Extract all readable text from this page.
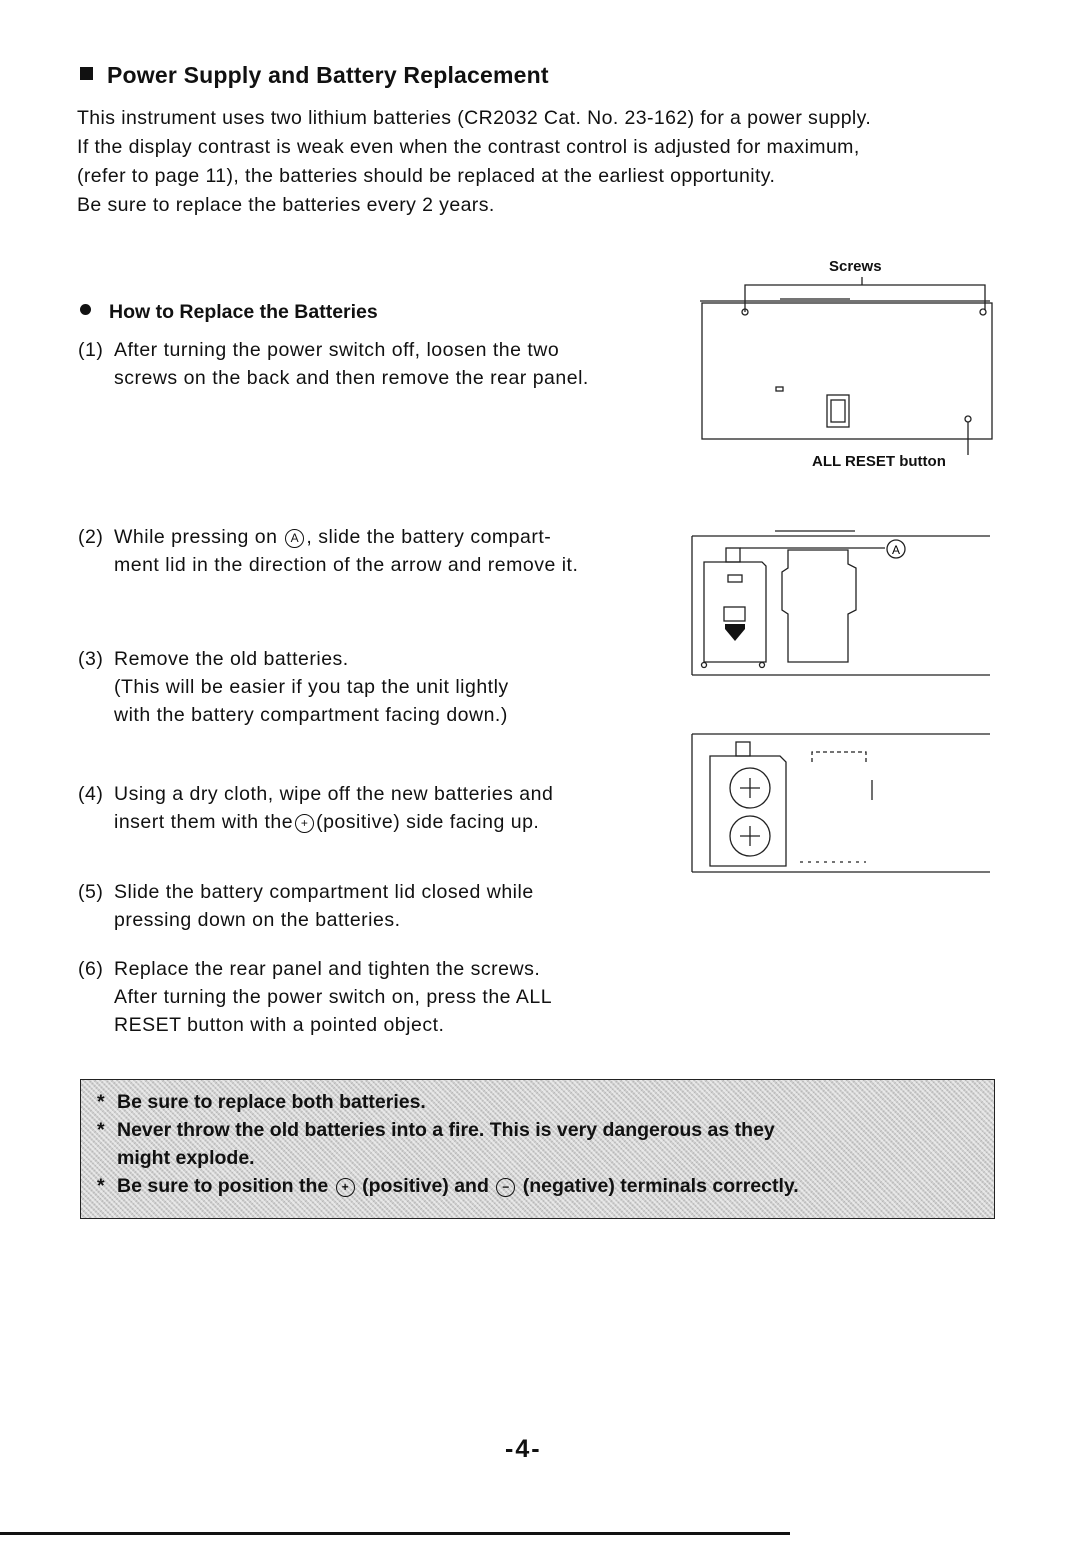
Power Supply and Battery Replacement

This instrument uses two lithium batteries (CR2032 Cat. No. 23-162) for a power supply.

If the display contrast is weak even when the contrast control is adjusted for maximum,

(refer to page 11), the batteries should be replaced at the earliest opportunity.

Be sure to replace the batteries every 2 years.

How to Replace the Batteries
(1) After turning the power switch off, loosen the two
screws on the back and then remove the rear panel.
(2) While pressing on A , slide the battery compart-
ment lid in the direction of the arrow and remove it.
(3) Remove the old batteries.
(This will be easier if you tap the unit lightly
with the battery compartment facing down.)
(4) Using a dry cloth, wipe off the new batteries and
insert them with the + (positive) side facing up.
(5) Slide the battery compartment lid closed while
pressing down on the batteries.
(6) Replace the rear panel and tighten the screws.
After turning the power switch on, press the ALL
RESET button with a pointed object.
Screws
ALL RESET button
A
* Be sure to replace both batteries.
* Never throw the old batteries into a fire. This is very dangerous as they
might explode.
* Be sure to position the + (positive) and − (negative) terminals correctly.
-4-
